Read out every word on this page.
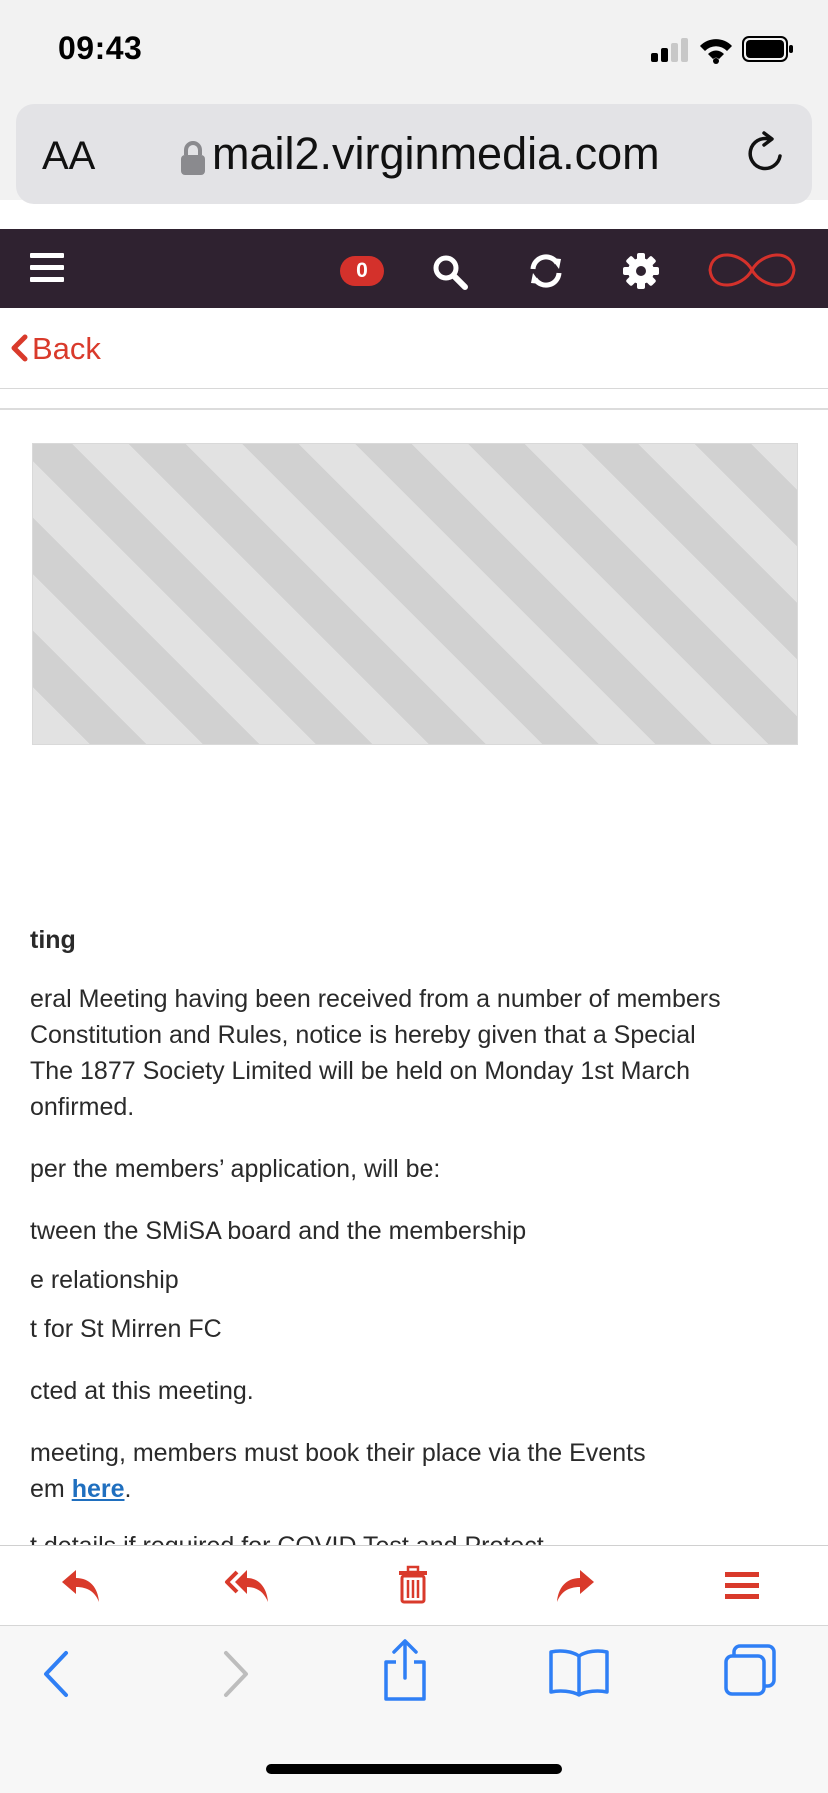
09:43
AA	mail2.virginmedia.com
0
Back

ting

eral Meeting having been received from a number of members

Constitution and Rules, notice is hereby given that a Special

The 1877 Society Limited will be held on Monday 1st March

onfirmed.

per the members’ application, will be:

tween the SMiSA board and the membership

e relationship

t for St Mirren FC

cted at this meeting.

meeting, members must book their place via the Events

em here.
